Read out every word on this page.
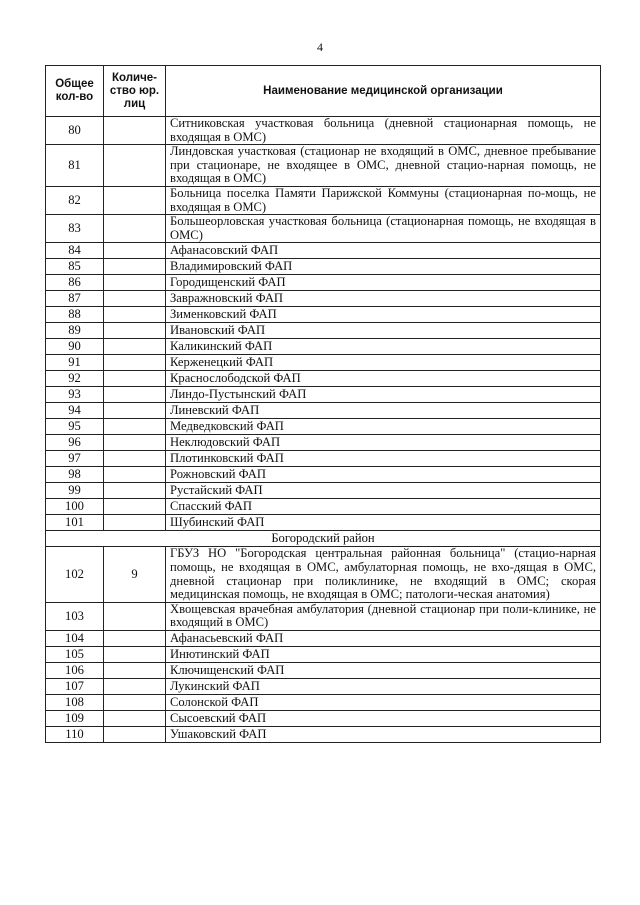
4
Общее кол-во	Количе-ство юр. лиц	Наименование медицинской организации
80		Ситниковская участковая больница (дневной стационарная помощь, не входящая в ОМС)
81		Линдовская участковая (стационар не входящий в ОМС, дневное пребывание при стационаре, не входящее в ОМС, дневной стацио-нарная помощь, не входящая в ОМС)
82		Больница поселка Памяти Парижской Коммуны (стационарная по-мощь, не входящая в ОМС)
83		Большеорловская участковая больница (стационарная помощь, не входящая в ОМС)
84		Афанасовский ФАП
85		Владимировский ФАП
86		Городищенский ФАП
87		Завражновский ФАП
88		Зименковский ФАП
89		Ивановский ФАП
90		Каликинский ФАП
91		Керженецкий ФАП
92		Краснослободской ФАП
93		Линдо-Пустынский ФАП
94		Линевский ФАП
95		Медведковский ФАП
96		Неклюдовский ФАП
97		Плотинковский ФАП
98		Рожновский ФАП
99		Рустайский ФАП
100		Спасский ФАП
101		Шубинский ФАП
Богородский район		
102	9	ГБУЗ НО "Богородская центральная районная больница" (стацио-нарная помощь, не входящая в ОМС, амбулаторная помощь, не вхо-дящая в ОМС, дневной стационар при поликлинике, не входящий в ОМС; скорая медицинская помощь, не входящая в ОМС; патологи-ческая анатомия)
103		Хвощевская врачебная амбулатория (дневной стационар при поли-клинике, не входящий в ОМС)
104		Афанасьевский ФАП
105		Инютинский ФАП
106		Ключищенский ФАП
107		Лукинский ФАП
108		Солонской ФАП
109		Сысоевский ФАП
110		Ушаковский ФАП
